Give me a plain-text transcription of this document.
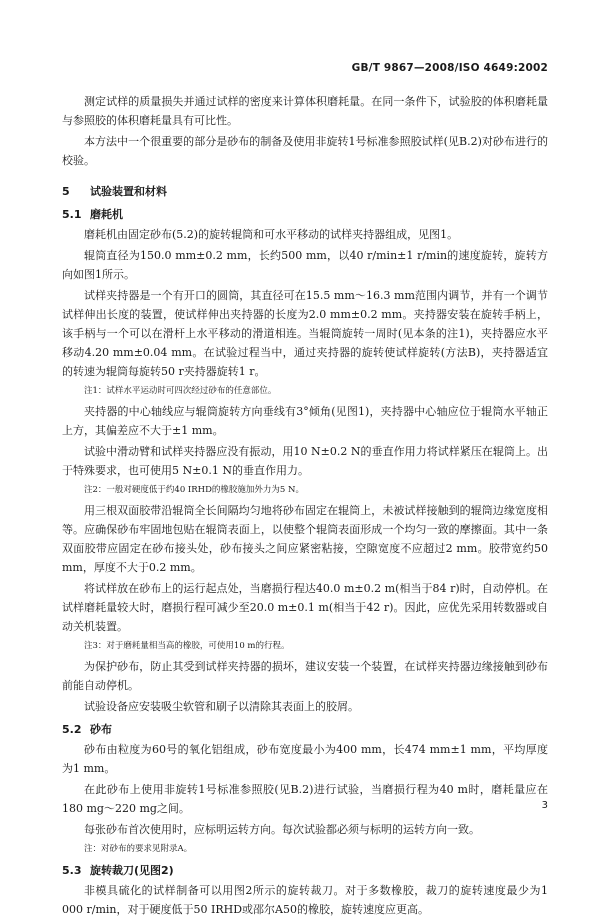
GB/T 9867—2008/ISO 4649:2002

测定试样的质量损失并通过试样的密度来计算体积磨耗量。在同一条件下，试验胶的体积磨耗量与参照胶的体积磨耗量具有可比性。

本方法中一个很重要的部分是砂布的制备及使用非旋转1号标准参照胶试样(见B.2)对砂布进行的校验。

5	试验装置和材料
5.1 磨耗机

磨耗机由固定砂布(5.2)的旋转辊筒和可水平移动的试样夹持器组成，见图1。

辊筒直径为150.0 mm±0.2 mm，长约500 mm，以40 r/min±1 r/min的速度旋转，旋转方向如图1所示。

试样夹持器是一个有开口的圆筒，其直径可在15.5 mm～16.3 mm范围内调节，并有一个调节试样伸出长度的装置，使试样伸出夹持器的长度为2.0 mm±0.2 mm。夹持器安装在旋转手柄上，该手柄与一个可以在滑杆上水平移动的滑道相连。当辊筒旋转一周时(见本条的注1)，夹持器应水平移动4.20 mm±0.04 mm。在试验过程当中，通过夹持器的旋转使试样旋转(方法B)，夹持器适宜的转速为辊筒每旋转50 r夹持器旋转1 r。

注1：试样水平运动时可四次经过砂布的任意部位。

夹持器的中心轴线应与辊筒旋转方向垂线有3°倾角(见图1)，夹持器中心轴应位于辊筒水平轴正上方，其偏差应不大于±1 mm。

试验中滑动臂和试样夹持器应没有振动，用10 N±0.2 N的垂直作用力将试样紧压在辊筒上。出于特殊要求，也可使用5 N±0.1 N的垂直作用力。

注2：一般对硬度低于约40 IRHD的橡胶施加外力为5 N。

用三根双面胶带沿辊筒全长间隔均匀地将砂布固定在辊筒上，未被试样接触到的辊筒边缘宽度相等。应确保砂布牢固地包贴在辊筒表面上，以使整个辊筒表面形成一个均匀一致的摩擦面。其中一条双面胶带应固定在砂布接头处，砂布接头之间应紧密粘接，空隙宽度不应超过2 mm。胶带宽约50 mm，厚度不大于0.2 mm。

将试样放在砂布上的运行起点处，当磨损行程达40.0 m±0.2 m(相当于84 r)时，自动停机。在试样磨耗量较大时，磨损行程可减少至20.0 m±0.1 m(相当于42 r)。因此，应优先采用转数器或自动关机装置。

注3：对于磨耗量相当高的橡胶，可使用10 m的行程。

为保护砂布，防止其受到试样夹持器的损坏，建议安装一个装置，在试样夹持器边缘接触到砂布前能自动停机。

试验设备应安装吸尘软管和刷子以清除其表面上的胶屑。

5.2 砂布

砂布由粒度为60号的氧化铝组成，砂布宽度最小为400 mm，长474 mm±1 mm，平均厚度为1 mm。

在此砂布上使用非旋转1号标准参照胶(见B.2)进行试验，当磨损行程为40 m时，磨耗量应在180 mg～220 mg之间。

每张砂布首次使用时，应标明运转方向。每次试验都必须与标明的运转方向一致。

注：对砂布的要求见附录A。

5.3 旋转裁刀(见图2)

非模具硫化的试样制备可以用图2所示的旋转裁刀。对于多数橡胶，裁刀的旋转速度最少为1 000 r/min，对于硬度低于50 IRHD或邵尔A50的橡胶，旋转速度应更高。

3
